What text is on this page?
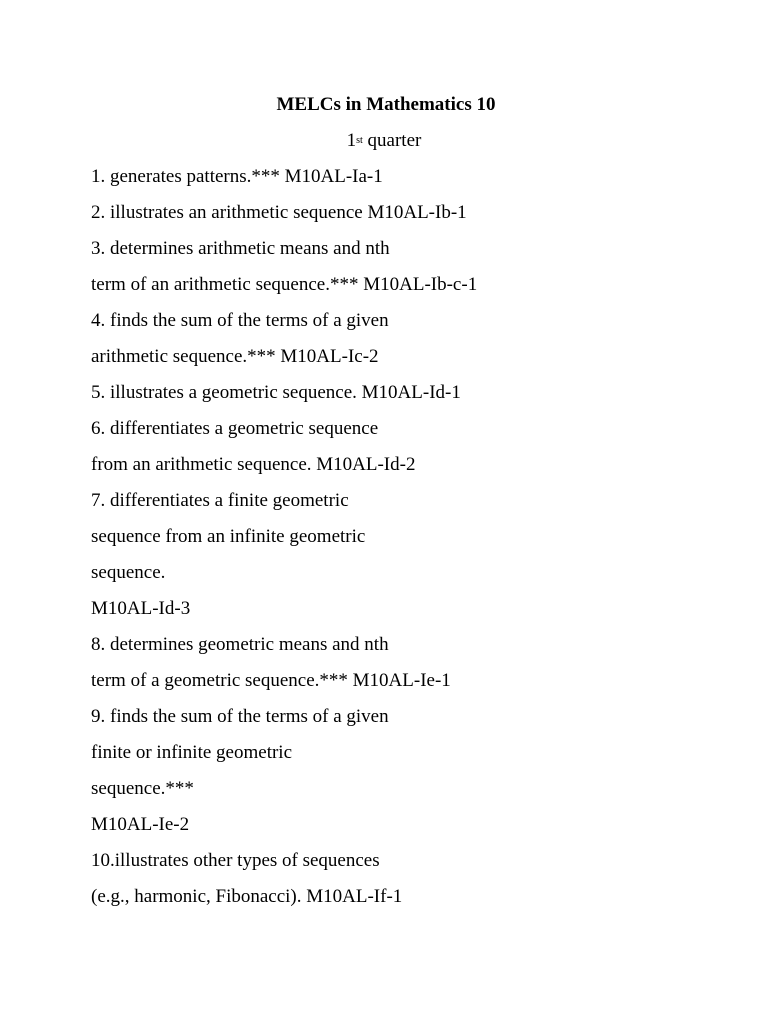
MELCs in Mathematics 10

1st quarter

1. generates patterns.*** M10AL-Ia-1
2. illustrates an arithmetic sequence M10AL-Ib-1
3. determines arithmetic means and nth
term of an arithmetic sequence.*** M10AL-Ib-c-1
4. finds the sum of the terms of a given
arithmetic sequence.*** M10AL-Ic-2
5. illustrates a geometric sequence. M10AL-Id-1
6. differentiates a geometric sequence
from an arithmetic sequence. M10AL-Id-2
7. differentiates a finite geometric
sequence from an infinite geometric
sequence.
M10AL-Id-3
8. determines geometric means and nth
term of a geometric sequence.*** M10AL-Ie-1
9. finds the sum of the terms of a given
finite or infinite geometric
sequence.***
M10AL-Ie-2
10.illustrates other types of sequences
(e.g., harmonic, Fibonacci). M10AL-If-1
